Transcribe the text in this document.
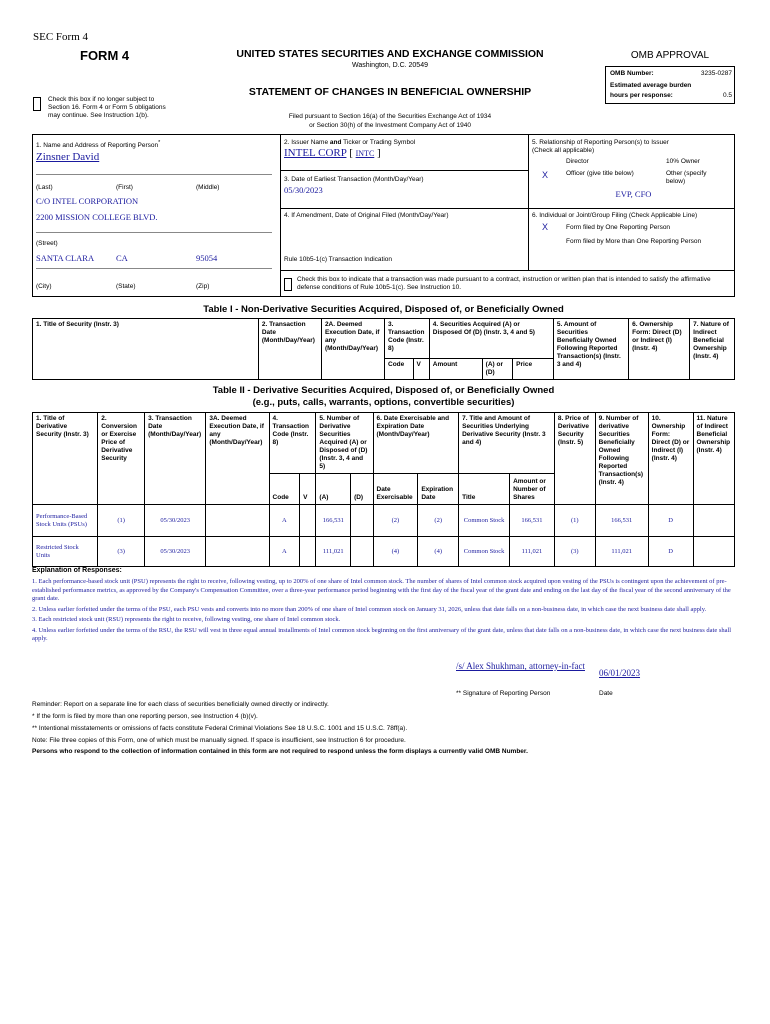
SEC Form 4
FORM 4	UNITED STATES SECURITIES AND EXCHANGE COMMISSION
Washington, D.C. 20549
STATEMENT OF CHANGES IN BENEFICIAL OWNERSHIP
OMB APPROVAL
OMB Number:	3235-0287
Estimated average burden
hours per response:	0.5
Check this box if no longer subject to Section 16. Form 4 or Form 5 obligations may continue. See Instruction 1(b).	Filed pursuant to Section 16(a) of the Securities Exchange Act of 1934
or Section 30(h) of the Investment Company Act of 1940
1. Name and Address of Reporting Person*
Zinsner David
(Last)	(First)	(Middle)
C/O INTEL CORPORATION
2200 MISSION COLLEGE BLVD.
(Street)
SANTA CLARA	CA	95054
(City)	(State)	(Zip)
2. Issuer Name and Ticker or Trading Symbol
INTEL CORP [ INTC ]
3. Date of Earliest Transaction (Month/Day/Year)
05/30/2023
4. If Amendment, Date of Original Filed (Month/Day/Year)
5. Relationship of Reporting Person(s) to Issuer
(Check all applicable)
Director	10% Owner
X	Officer (give title below)	Other (specify below)
EVP, CFO
6. Individual or Joint/Group Filing (Check Applicable Line)
X	Form filed by One Reporting Person
Form filed by More than One Reporting Person
Rule 10b5-1(c) Transaction Indication
Check this box to indicate that a transaction was made pursuant to a contract, instruction or written plan that is intended to satisfy the affirmative defense conditions of Rule 10b5-1(c). See Instruction 10.
Table I - Non-Derivative Securities Acquired, Disposed of, or Beneficially Owned
1. Title of Security (Instr. 3)	2. Transaction Date (Month/Day/Year)	2A. Deemed Execution Date, if any (Month/Day/Year)	3. Transaction Code (Instr. 8)		4. Securities Acquired (A) or Disposed Of (D) (Instr. 3, 4 and 5)			5. Amount of Securities Beneficially Owned Following Reported Transaction(s) (Instr. 3 and 4)	6. Ownership Form: Direct (D) or Indirect (I) (Instr. 4)	7. Nature of Indirect Beneficial Ownership (Instr. 4)
			Code	V	Amount	(A) or (D)	Price			
Table II - Derivative Securities Acquired, Disposed of, or Beneficially Owned
(e.g., puts, calls, warrants, options, convertible securities)
1. Title of Derivative Security (Instr. 3)	2. Conversion or Exercise Price of Derivative Security	3. Transaction Date (Month/Day/Year)	3A. Deemed Execution Date, if any (Month/Day/Year)	4. Transaction Code (Instr. 8)		5. Number of Derivative Securities Acquired (A) or Disposed of (D) (Instr. 3, 4 and 5)		6. Date Exercisable and Expiration Date (Month/Day/Year)		7. Title and Amount of Securities Underlying Derivative Security (Instr. 3 and 4)		8. Price of Derivative Security (Instr. 5)	9. Number of derivative Securities Beneficially Owned Following Reported Transaction(s) (Instr. 4)	10. Ownership Form: Direct (D) or Indirect (I) (Instr. 4)	11. Nature of Indirect Beneficial Ownership (Instr. 4)
				Code	V	(A)	(D)	Date Exercisable	Expiration Date	Title	Amount or Number of Shares				
Performance-Based Stock Units (PSUs)	(1)	05/30/2023		A		166,531		(2)	(2)	Common Stock	166,531	(1)	166,531	D	
Restricted Stock Units	(3)	05/30/2023		A		111,021		(4)	(4)	Common Stock	111,021	(3)	111,021	D	
Explanation of Responses:

1. Each performance-based stock unit (PSU) represents the right to receive, following vesting, up to 200% of one share of Intel common stock. The number of shares of Intel common stock acquired upon vesting of the PSUs is contingent upon the achievement of pre-established performance metrics, as approved by the Company's Compensation Committee, over a three-year performance period beginning with the first day of the fiscal year of the grant date and ending on the last day of the fiscal year of the second anniversary of the grant date.

2. Unless earlier forfeited under the terms of the PSU, each PSU vests and converts into no more than 200% of one share of Intel common stock on January 31, 2026, unless that date falls on a non-business date, in which case the next business date shall apply.

3. Each restricted stock unit (RSU) represents the right to receive, following vesting, one share of Intel common stock.

4. Unless earlier forfeited under the terms of the RSU, the RSU will vest in three equal annual installments of Intel common stock beginning on the first anniversary of the grant date, unless that date falls on a non-business date, in which case the next business date shall apply.

/s/ Alex Shukhman, attorney-in-fact
06/01/2023
** Signature of Reporting Person	Date
Reminder: Report on a separate line for each class of securities beneficially owned directly or indirectly.
* If the form is filed by more than one reporting person, see Instruction 4 (b)(v).
** Intentional misstatements or omissions of facts constitute Federal Criminal Violations See 18 U.S.C. 1001 and 15 U.S.C. 78ff(a).
Note: File three copies of this Form, one of which must be manually signed. If space is insufficient, see Instruction 6 for procedure.
Persons who respond to the collection of information contained in this form are not required to respond unless the form displays a currently valid OMB Number.
